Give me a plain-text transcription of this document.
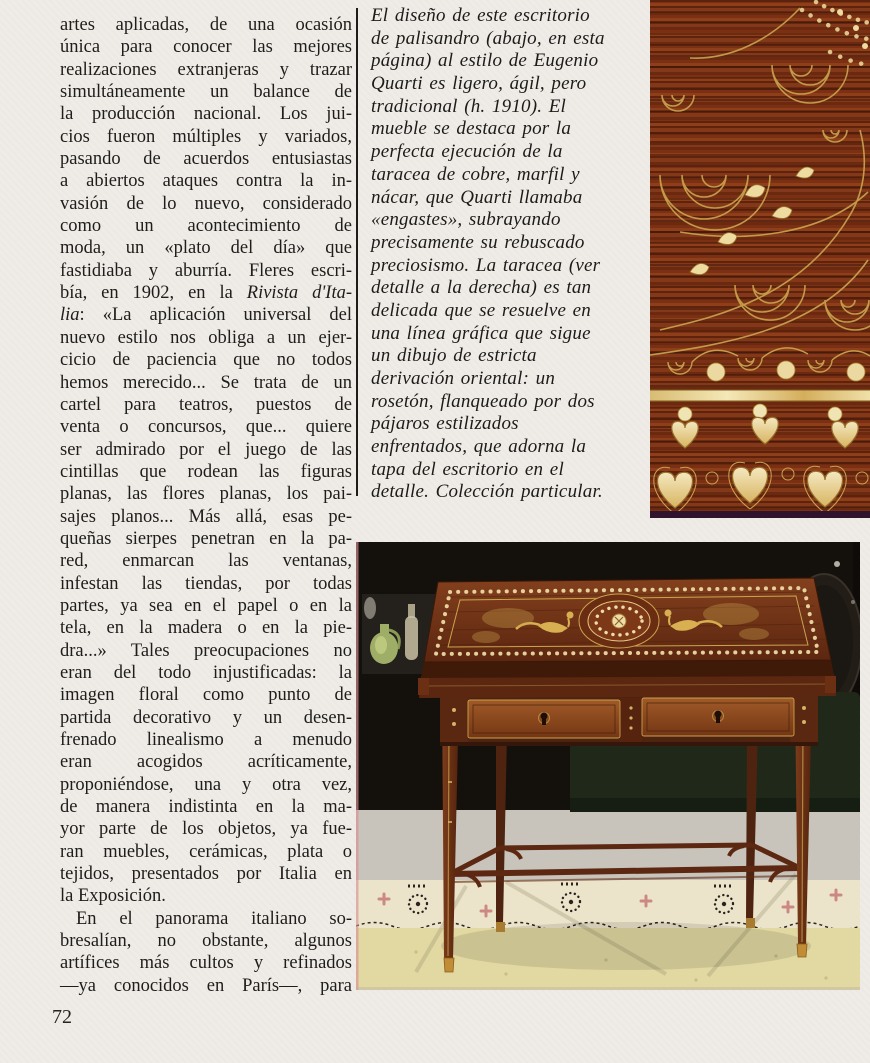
artes aplicadas, de una ocasión
única para conocer las mejores
realizaciones extranjeras y trazar
simultáneamente un balance de
la producción nacional. Los jui-
cios fueron múltiples y variados,
pasando de acuerdos entusiastas
a abiertos ataques contra la in-
vasión de lo nuevo, considerado
como un acontecimiento de
moda, un «plato del día» que
fastidiaba y aburría. Fleres escri-
bía, en 1902, en la Rivista d'Ita-
lia: «La aplicación universal del
nuevo estilo nos obliga a un ejer-
cicio de paciencia que no todos
hemos merecido... Se trata de un
cartel para teatros, puestos de
venta o concursos, que... quiere
ser admirado por el juego de las
cintillas que rodean las figuras
planas, las flores planas, los pai-
sajes planos... Más allá, esas pe-
queñas sierpes penetran en la pa-
red, enmarcan las ventanas,
infestan las tiendas, por todas
partes, ya sea en el papel o en la
tela, en la madera o en la pie-
dra...» Tales preocupaciones no
eran del todo injustificadas: la
imagen floral como punto de
partida decorativo y un desen-
frenado linealismo a menudo
eran acogidos acríticamente,
proponiéndose, una y otra vez,
de manera indistinta en la ma-
yor parte de los objetos, ya fue-
ran muebles, cerámicas, plata o
tejidos, presentados por Italia en
la Exposición.
En el panorama italiano so-
bresalían, no obstante, algunos
artífices más cultos y refinados
—ya conocidos en París—, para
El diseño de este escritorio
de palisandro (abajo, en esta
página) al estilo de Eugenio
Quarti es ligero, ágil, pero
tradicional (h. 1910). El
mueble se destaca por la
perfecta ejecución de la
taracea de cobre, marfil y
nácar, que Quarti llamaba
«engastes», subrayando
precisamente su rebuscado
preciosismo. La taracea (ver
detalle a la derecha) es tan
delicada que se resuelve en
una línea gráfica que sigue
un dibujo de estricta
derivación oriental: un
rosetón, flanqueado por dos
pájaros estilizados
enfrentados, que adorna la
tapa del escritorio en el
detalle. Colección particular.
72
